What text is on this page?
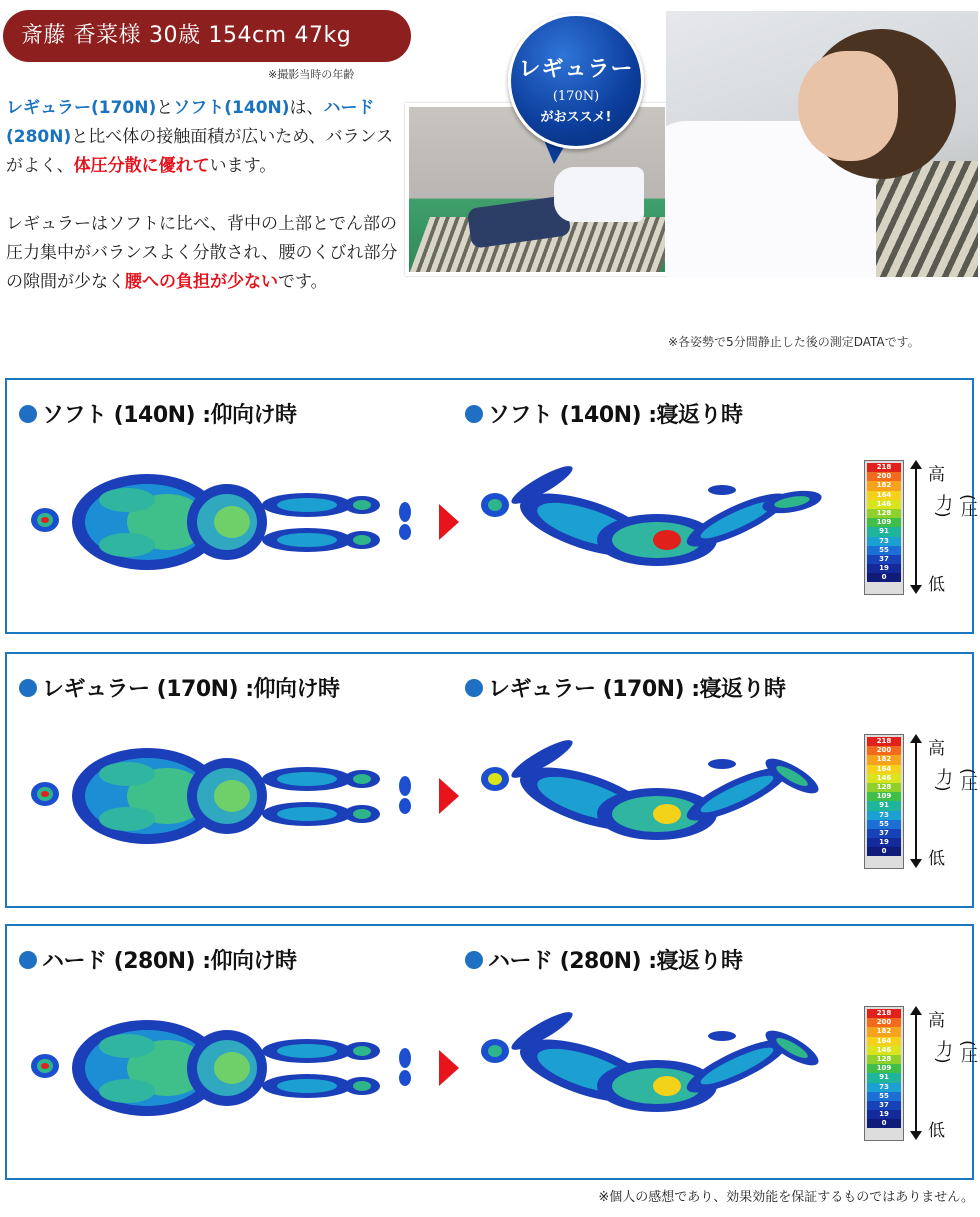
斎藤 香菜様 30歳 154cm 47kg
※撮影当時の年齢

レギュラー(170N)とソフト(140N)は、ハード(280N)と比べ体の接触面積が広いため、バランスがよく、体圧分散に優れています。

レギュラーはソフトに比べ、背中の上部とでん部の圧力集中がバランスよく分散され、腰のくびれ部分の隙間が少なく腰への負担が少ないです。

レギュラー
(170N)
がおススメ!
※各姿勢で5分間静止した後の測定DATAです。
ソフト (140N) :仰向け時	ソフト (140N) :寝返り時
218
200
182
164
146
128
109
91
73
55
37
19
0
高
(圧力)
低
レギュラー (170N) :仰向け時	レギュラー (170N) :寝返り時
218
200
182
164
146
128
109
91
73
55
37
19
0
高
(圧力)
低
ハード (280N) :仰向け時	ハード (280N) :寝返り時
218
200
182
164
146
128
109
91
73
55
37
19
0
高
(圧力)
低
※個人の感想であり、効果効能を保証するものではありません。
